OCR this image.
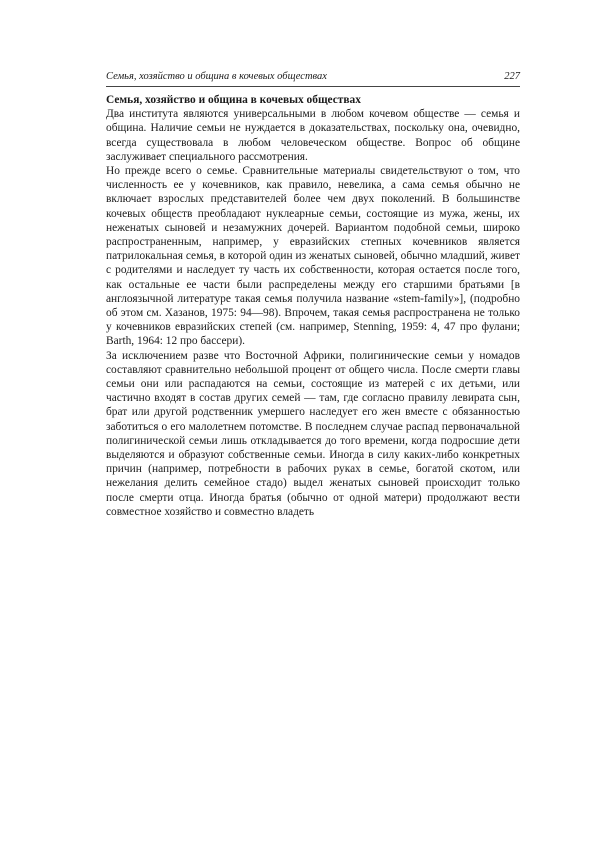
Семья, хозяйство и община в кочевых обществах	227
Семья, хозяйство и община в кочевых обществах

Два института являются универсальными в любом кочевом обществе — семья и община. Наличие семьи не нуждается в доказательствах, поскольку она, очевидно, всегда существовала в любом человеческом обществе. Вопрос об общине заслуживает специального рассмотрения.

Но прежде всего о семье. Сравнительные материалы свидетельствуют о том, что численность ее у кочевников, как правило, невелика, а сама семья обычно не включает взрослых представителей более чем двух поколений. В большинстве кочевых обществ преобладают нуклеарные семьи, состоящие из мужа, жены, их неженатых сыновей и незамужних дочерей. Вариантом подобной семьи, широко распространенным, например, у евразийских степных кочевников является патрилокальная семья, в которой один из женатых сыновей, обычно младший, живет с родителями и наследует ту часть их собственности, которая остается после того, как остальные ее части были распределены между его старшими братьями [в англоязычной литературе такая семья получила название «stem-family»], (подробно об этом см. Хазанов, 1975: 94—98). Впрочем, такая семья распространена не только у кочевников евразийских степей (см. например, Stenning, 1959: 4, 47 про фулани; Barth, 1964: 12 про бассери).

За исключением разве что Восточной Африки, полигинические семьи у номадов составляют сравнительно небольшой процент от общего числа. После смерти главы семьи они или распадаются на семьи, состоящие из матерей с их детьми, или частично входят в состав других семей — там, где согласно правилу левирата сын, брат или другой родственник умершего наследует его жен вместе с обязанностью заботиться о его малолетнем потомстве. В последнем случае распад первоначальной полигинической семьи лишь откладывается до того времени, когда подросшие дети выделяются и образуют собственные семьи. Иногда в силу каких-либо конкретных причин (например, потребности в рабочих руках в семье, богатой скотом, или нежелания делить семейное стадо) выдел женатых сыновей происходит только после смерти отца. Иногда братья (обычно от одной матери) продолжают вести совместное хозяйство и совместно владеть
